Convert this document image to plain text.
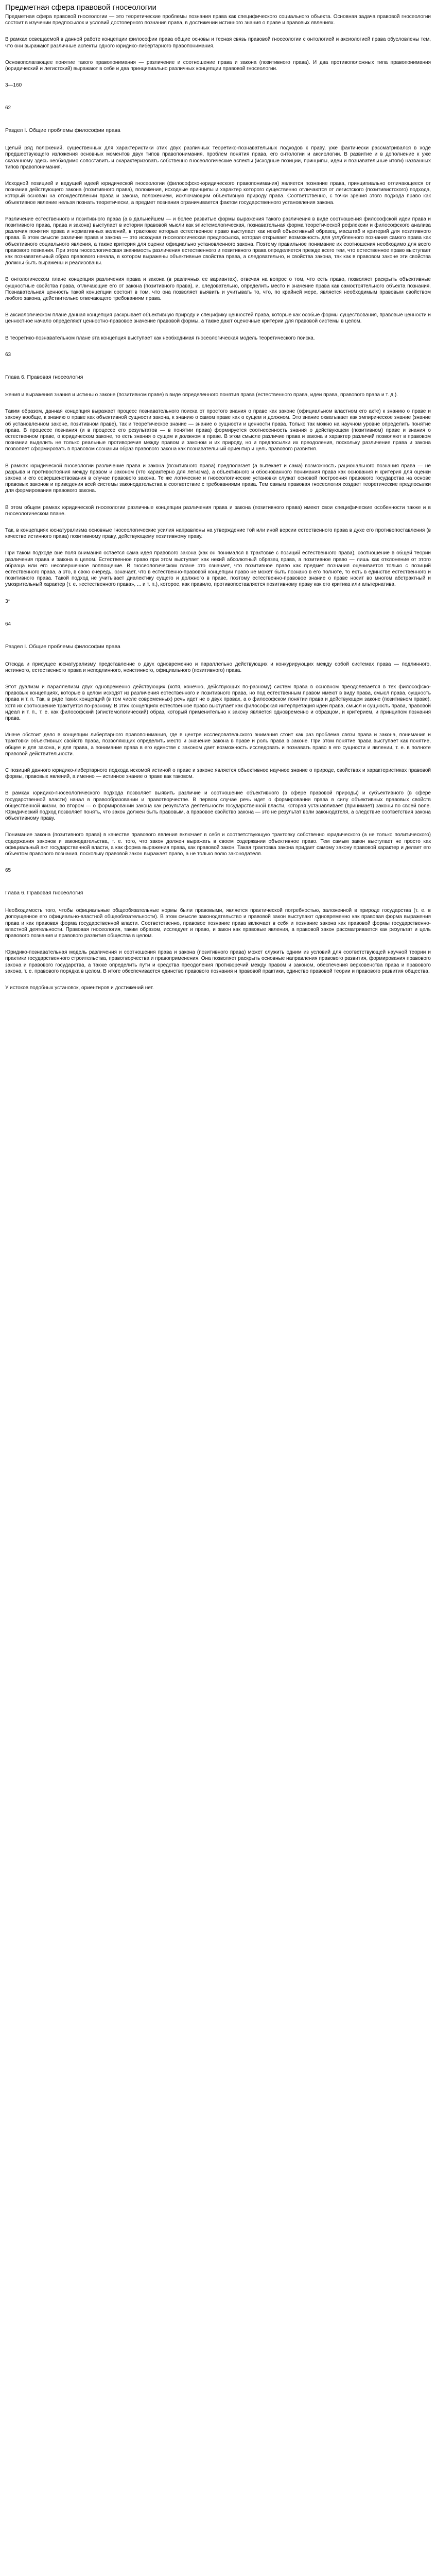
Предметная сфера правовой гносеологии

Предметная сфера правовой гносеологии — это теоретические проблемы познания права как специфического социального объекта. Основная задача правовой гносеологии состоит в изучении предпосылок и условий достоверного познания права, в достижении истинного знания о праве и правовых явлениях.

В рамках освещаемой в данной работе концепции философии права общие основы и тесная связь правовой гносеологии с онтологией и аксиологией права обусловлены тем, что они выражают различные аспекты одного юридико-либертарного правопонимания.

Основополагающее понятие такого правопонимания — различение и соотношение права и закона (позитивного права). И два противоположных типа правопонимания (юридический и легистский) выражают в себе и два принципиально различных концепции правовой гносеологии.

3—160
62
Раздел I. Общие проблемы философии права

Целый ряд положений, существенных для характеристики этих двух различных теоретико-познавательных подходов к праву, уже фактически рассматривался в ходе предшествующего изложения основных моментов двух типов правопонимания, проблем понятия права, его онтологии и аксиологии. В развитие и в дополнение к уже сказанному здесь необходимо сопоставить и охарактеризовать собственно гносеологические аспекты (исходные позиции, принципы, идеи и познавательные итоги) названных типов правопонимания.

Исходной позицией и ведущей идеей юридической гносеологии (философско-юридического правопонимания) является познание права, принципиально отличающееся от познания действующего закона (позитивного права), положения, исходные принципы и характер которого существенно отличаются от легистского (позитивистского) подхода, который основан на отождествлении права и закона, положением, исключающим объективную природу права. Соответственно, с точки зрения этого подхода право как объективное явление нельзя познать теоретически, а предмет познания ограничивается фактом государственного установления закона.

Различение естественного и позитивного права (а в дальнейшем — и более развитые формы выражения такого различения в виде соотношения философской идеи права и позитивного права, права и закона) выступает в истории правовой мысли как эпистемологическая, познавательная форма теоретической рефлексии и философского анализа различия понятия права и нормативных велений, в трактовке которых естественное право выступает как некий объективный образец, масштаб и критерий для позитивного права. В этом смысле различие права и закона — это исходная гносеологическая предпосылка, которая открывает возможность для углубленного познания самого права как объективного социального явления, а также критерия для оценки официально установленного закона. Поэтому правильное понимание их соотношения необходимо для всего правового познания. При этом гносеологическая значимость различения естественного и позитивного права определяется прежде всего тем, что естественное право выступает как познавательный образ правового начала, в котором выражены объективные свойства права, а следовательно, и свойства закона, так как в правовом законе эти свойства должны быть выражены и реализованы.

В онтологическом плане концепция различения права и закона (в различных ее вариантах), отвечая на вопрос о том, что есть право, позволяет раскрыть объективные сущностные свойства права, отличающие его от закона (позитивного права), и, следовательно, определить место и значение права как самостоятельного объекта познания. Познавательная ценность такой концепции состоит в том, что она позволяет выявить и учитывать то, что, по крайней мере, является необходимым правовым свойством любого закона, действительно отвечающего требованиям права.

В аксиологическом плане данная концепция раскрывает объективную природу и специфику ценностей права, которые как особые формы существования, правовые ценности и ценностное начало определяют ценностно-правовое значение правовой формы, а также дают оценочные критерии для правовой системы в целом.

В теоретико-познавательном плане эта концепция выступает как необходимая гносеологическая модель теоретического поиска.

63
Глава 6. Правовая гносеология

жения и выражения знания и истины о законе (позитивном праве) в виде определенного понятия права (естественного права, идеи права, правового права и т. д.).

Таким образом, данная концепция выражает процесс познавательного поиска от простого знания о праве как законе (официальном властном его акте) к знанию о праве и закону вообще, к знанию о праве как объективной сущности закона, к знанию о самом праве как о сущем и должном. Это знание охватывает как эмпирическое знание (знание об установленном законе, позитивном праве), так и теоретическое знание — знание о сущности и ценности права. Только так можно на научном уровне определить понятие права. В процессе познания (и в процессе его результатов — в понятии права) формируется соотнесенность знания о действующем (позитивном) праве и знания о естественном праве, о юридическом законе, то есть знания о сущем и должном в праве. В этом смысле различие права и закона и характер различий позволяют в правовом познании выделить не только реальные противоречия между правом и законом и их природу, но и предпосылки их преодоления, поскольку различение права и закона позволяет сформировать в правовом сознании образ правового закона как познавательный ориентир и цель правового развития.

В рамках юридической гносеологии различение права и закона (позитивного права) предполагает (а вытекает и сама) возможность рационального познания права — не разрыва и противостояния между правом и законом (что характерно для легизма), а объективного и обоснованного понимания права как основания и критерия для оценки закона и его совершенствования в случае правового закона. Те же логические и гносеологические установки служат основой построения правового государства на основе правовых законов и приведения всей системы законодательства в соответствие с требованиями права. Тем самым правовая гносеология создает теоретические предпосылки для формирования правового закона.

В этом общем рамках юридической гносеологии различные концепции различения права и закона (позитивного права) имеют свои специфические особенности также и в гносеологическом плане.

Так, в концепциях юснатурализма основные гносеологические усилия направлены на утверждение той или иной версии естественного права в духе его противопоставления (в качестве истинного права) позитивному праву, действующему позитивному праву.

При таком подходе вне поля внимания остается сама идея правового закона (как он понимался в трактовке с позиций естественного права), соотношение в общей теории различения права и закона в целом. Естественное право при этом выступает как некий абсолютный образец права, а позитивное право — лишь как отклонение от этого образца или его несовершенное воплощение. В гносеологическом плане это означает, что позитивное право как предмет познания оценивается только с позиций естественного права, а это, в свою очередь, означает, что в естественно-правовой концепции право не может быть познано в его полноте, то есть в единстве естественного и позитивного права. Такой подход не учитывает диалектику сущего и должного в праве, поэтому естественно-правовое знание о праве носит во многом абстрактный и умозрительный характер (т. е. «естественного права», ... и т. п.), которое, как правило, противопоставляется позитивному праву как его критика или альтернатива.

3*
64
Раздел I. Общие проблемы философии права

Отсюда и присущее юснатурализму представление о двух одновременно и параллельно действующих и конкурирующих между собой системах права — подлинного, истинного, естественного права и неподлинного, неистинного, официального (позитивного) права.

Этот дуализм и параллелизм двух одновременно действующих (хотя, конечно, действующих по-разному) систем права в основном преодолевается в тех философско-правовых концепциях, которые в целом исходят из различения естественного и позитивного права, но под естественным правом имеют в виду права, смысл права, сущность права и т. п. Так, в ряде таких концепций (в том числе современных) речь идет не о двух правах, а о философском понятии права и действующем законе (позитивном праве), хотя их соотношение трактуется по-разному. В этих концепциях естественное право выступает как философская интерпретация идеи права, смысл и сущность права, правовой идеал и т. п., т. е. как философский (эпистемологический) образ, который применительно к закону является одновременно и образцом, и критерием, и принципом познания права.

Иначе обстоит дело в концепции либертарного правопонимания, где в центре исследовательского внимания стоит как раз проблема связи права и закона, понимания и трактовки объективных свойств права, позволяющих определить место и значение закона в праве и роль права в законе. При этом понятие права выступает как понятие, общее и для закона, и для права, а понимание права в его единстве с законом дает возможность исследовать и познавать право в его сущности и явлении, т. е. в полноте правовой действительности.

С позиций данного юридико-либертарного подхода искомой истиной о праве и законе является объективное научное знание о природе, свойствах и характеристиках правовой формы, правовых явлений, а именно — истинное знание о праве как таковом.

В рамках юридико-гносеологического подхода позволяет выявить различие и соотношение объективного (в сфере правовой природы) и субъективного (в сфере государственной власти) начал в правообразовании и правотворчестве. В первом случае речь идет о формировании права в силу объективных правовых свойств общественной жизни, во втором — о формировании закона как результата деятельности государственной власти, которая устанавливает (принимает) законы по своей воле. Юридический подход позволяет понять, что закон должен быть правовым, а правовое свойство закона — это не результат воли законодателя, а следствие соответствия закона объективному праву.

Понимание закона (позитивного права) в качестве правового явления включает в себя и соответствующую трактовку собственно юридического (а не только политического) содержания законов и законодательства, т. е. того, что закон должен выражать в своем содержании объективное право. Тем самым закон выступает не просто как официальный акт государственной власти, а как форма выражения права, как правовой закон. Такая трактовка закона придает самому закону правовой характер и делает его объектом правового познания, поскольку правовой закон выражает право, а не только волю законодателя.

65
Глава 6. Правовая гносеология

Необходимость того, чтобы официальные общеобязательные нормы были правовыми, является практической потребностью, заложенной в природе государства (т. е. в допоущенное его официально-властной общеобязательности). В этом смысле законодательство и правовой закон выступают одновременно как правовая форма выражения права и как правовая форма государственной власти. Соответственно, правовое познание права включает в себя и познание закона как правовой формы государственно-властной деятельности. Правовая гносеология, таким образом, исследует и право, и закон как правовые явления, а правовой закон рассматривается как результат и цель правового познания и правового развития общества в целом.

Юридико-познавательная модель различения и соотношения права и закона (позитивного права) может служить одним из условий для соответствующей научной теории и практики государственного строительства, правотворчества и правоприменения. Она позволяет раскрыть основные направления правового развития, формирования правового закона и правового государства, а также определить пути и средства преодоления противоречий между правом и законом, обеспечения верховенства права и правового закона, т. е. правового порядка в целом. В итоге обеспечивается единство правового познания и правовой практики, единство правовой теории и правового развития общества.

У истоков подобных установок, ориентиров и достижений нет.
